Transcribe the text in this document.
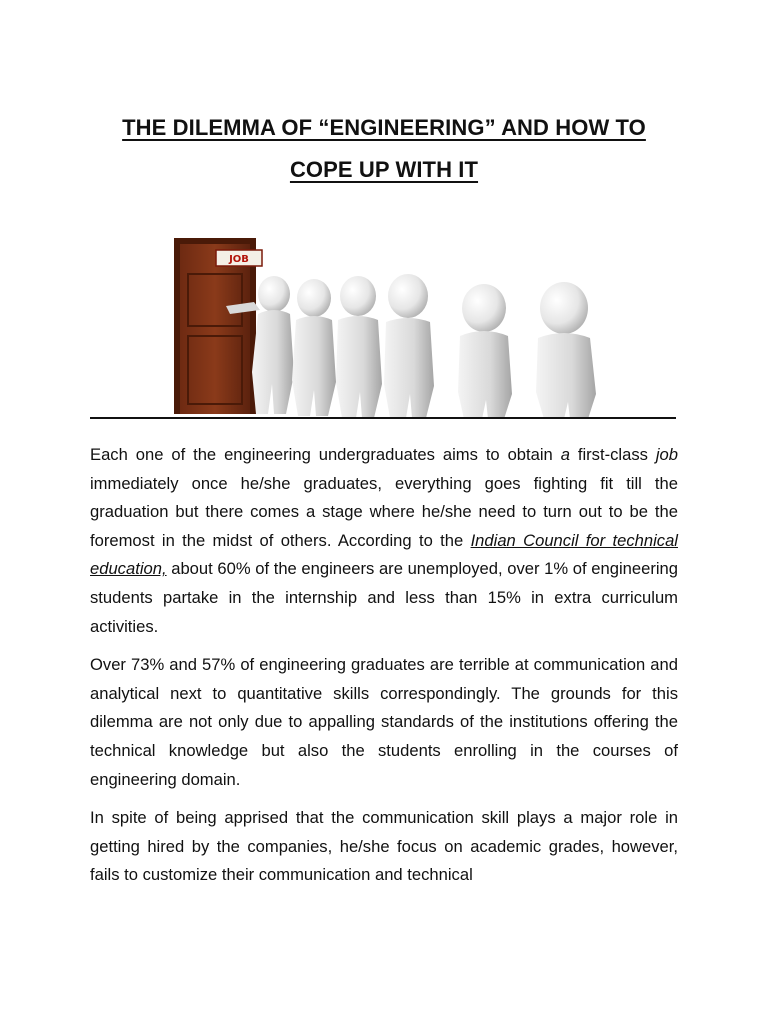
THE DILEMMA OF “ENGINEERING” AND HOW TO
COPE UP WITH IT
JOB

Each one of the engineering undergraduates aims to obtain a first-class job immediately once he/she graduates, everything goes fighting fit till the graduation but there comes a stage where he/she need to turn out to be the foremost in the midst of others. According to the Indian Council for technical education, about 60% of the engineers are unemployed, over 1% of engineering students partake in the internship and less than 15% in extra curriculum activities.

Over 73% and 57% of engineering graduates are terrible at communication and analytical next to quantitative skills correspondingly. The grounds for this dilemma are not only due to appalling standards of the institutions offering the technical knowledge but also the students enrolling in the courses of engineering domain.

In spite of being apprised that the communication skill plays a major role in getting hired by the companies, he/she focus on academic grades, however, fails to customize their communication and technical
